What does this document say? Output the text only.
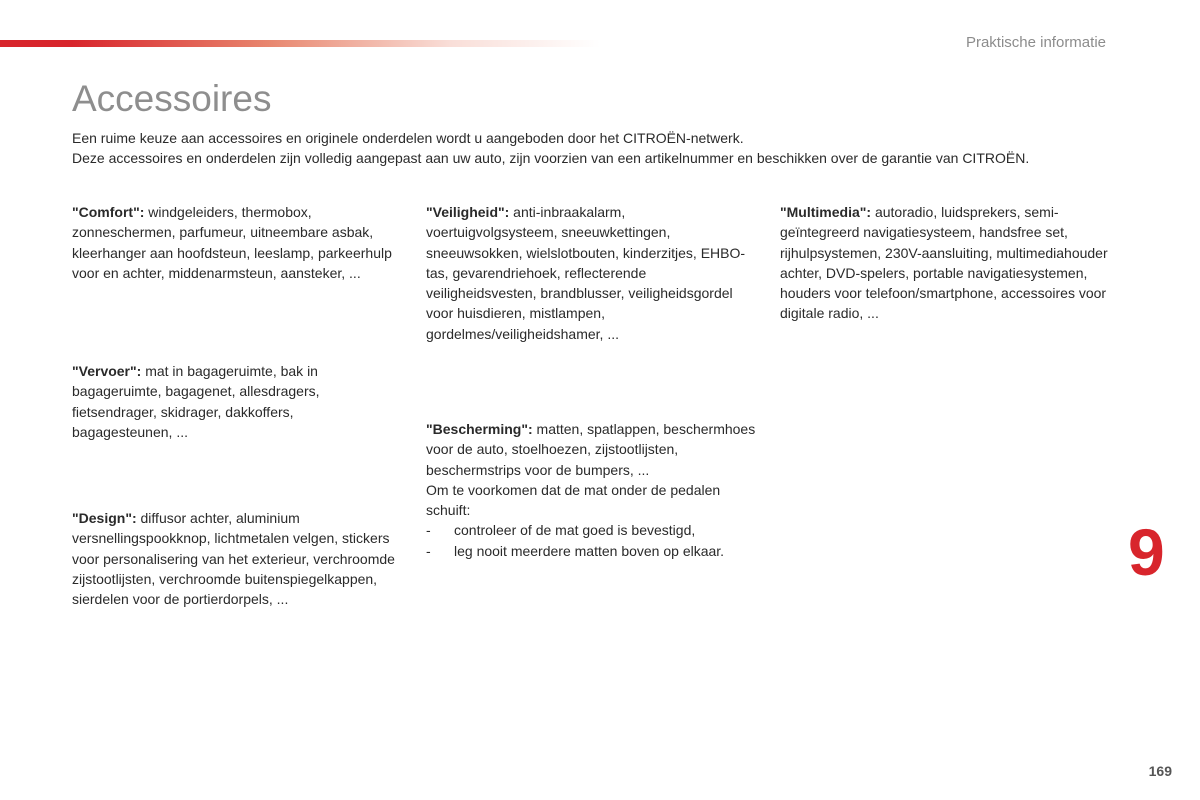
Praktische informatie
Accessoires

Een ruime keuze aan accessoires en originele onderdelen wordt u aangeboden door het CITROËN-netwerk.

Deze accessoires en onderdelen zijn volledig aangepast aan uw auto, zijn voorzien van een artikelnummer en beschikken over de garantie van CITROËN.

"Comfort": windgeleiders, thermobox, zonneschermen, parfumeur, uitneembare asbak, kleerhanger aan hoofdsteun, leeslamp, parkeerhulp voor en achter, middenarmsteun, aansteker, ...

"Vervoer": mat in bagageruimte, bak in bagageruimte, bagagenet, allesdragers, fietsendrager, skidrager, dakkoffers, bagagesteunen, ...

"Design": diffusor achter, aluminium versnellingspookknop, lichtmetalen velgen, stickers voor personalisering van het exterieur, verchroomde zijstootlijsten, verchroomde buitenspiegelkappen, sierdelen voor de portierdorpels, ...

"Veiligheid": anti-inbraakalarm, voertuigvolgsysteem, sneeuwkettingen, sneeuwsokken, wielslotbouten, kinderzitjes, EHBO-tas, gevarendriehoek, reflecterende veiligheidsvesten, brandblusser, veiligheidsgordel voor huisdieren, mistlampen, gordelmes/veiligheidshamer, ...

"Bescherming": matten, spatlappen, beschermhoes voor de auto, stoelhoezen, zijstootlijsten, beschermstrips voor de bumpers, ...

Om te voorkomen dat de mat onder de pedalen schuift:

- controleer of de mat goed is bevestigd,
- leg nooit meerdere matten boven op elkaar.

"Multimedia": autoradio, luidsprekers, semi-geïntegreerd navigatiesysteem, handsfree set, rijhulpsystemen, 230V-aansluiting, multimediahouder achter, DVD-spelers, portable navigatiesystemen, houders voor telefoon/smartphone, accessoires voor digitale radio, ...

9
169
